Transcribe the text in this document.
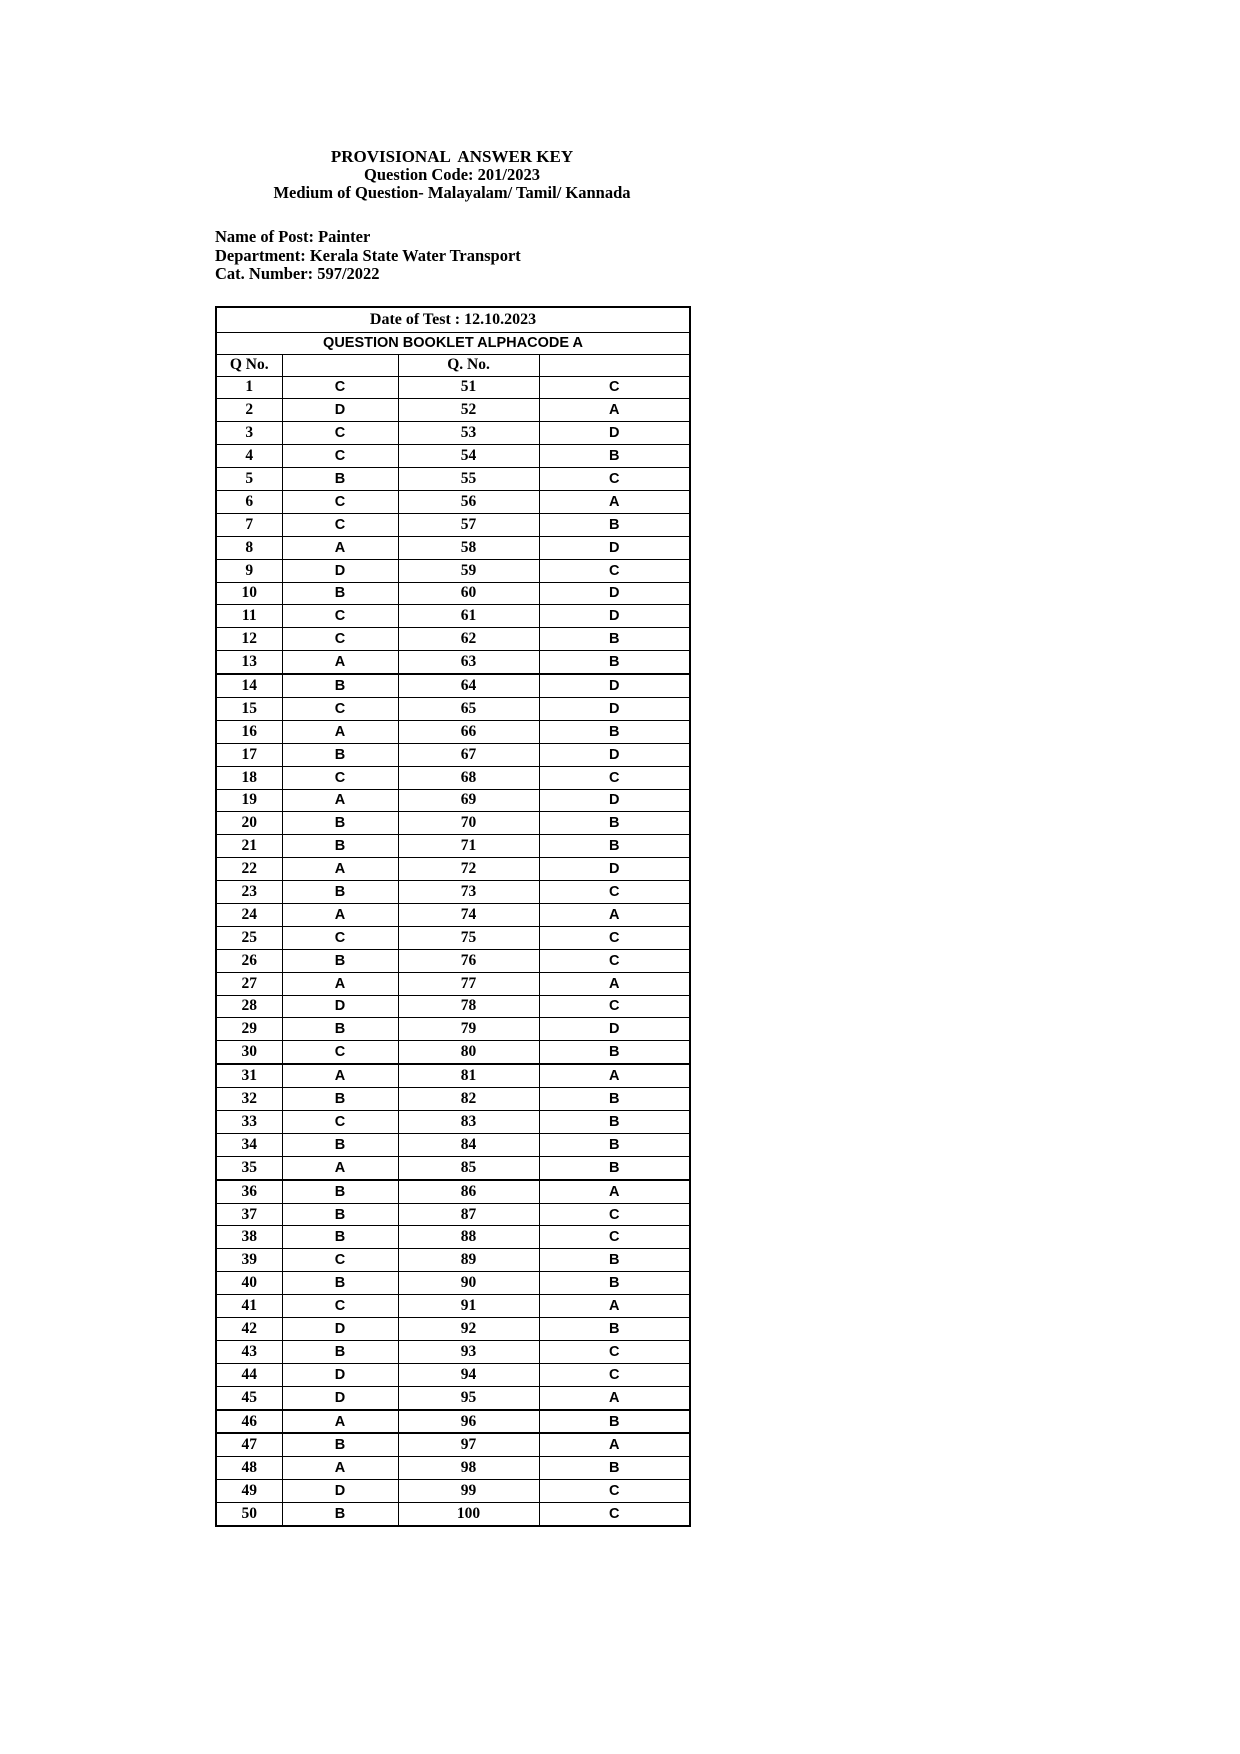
PROVISIONAL  ANSWER KEY
Question Code: 201/2023
Medium of Question- Malayalam/ Tamil/ Kannada
Name of Post: Painter
Department: Kerala State Water Transport
Cat. Number: 597/2022
Date of Test : 12.10.2023			
QUESTION BOOKLET ALPHACODE A			
Q No.		Q. No.	
1	C	51	C
2	D	52	A
3	C	53	D
4	C	54	B
5	B	55	C
6	C	56	A
7	C	57	B
8	A	58	D
9	D	59	C
10	B	60	D
11	C	61	D
12	C	62	B
13	A	63	B
14	B	64	D
15	C	65	D
16	A	66	B
17	B	67	D
18	C	68	C
19	A	69	D
20	B	70	B
21	B	71	B
22	A	72	D
23	B	73	C
24	A	74	A
25	C	75	C
26	B	76	C
27	A	77	A
28	D	78	C
29	B	79	D
30	C	80	B
31	A	81	A
32	B	82	B
33	C	83	B
34	B	84	B
35	A	85	B
36	B	86	A
37	B	87	C
38	B	88	C
39	C	89	B
40	B	90	B
41	C	91	A
42	D	92	B
43	B	93	C
44	D	94	C
45	D	95	A
46	A	96	B
47	B	97	A
48	A	98	B
49	D	99	C
50	B	100	C
